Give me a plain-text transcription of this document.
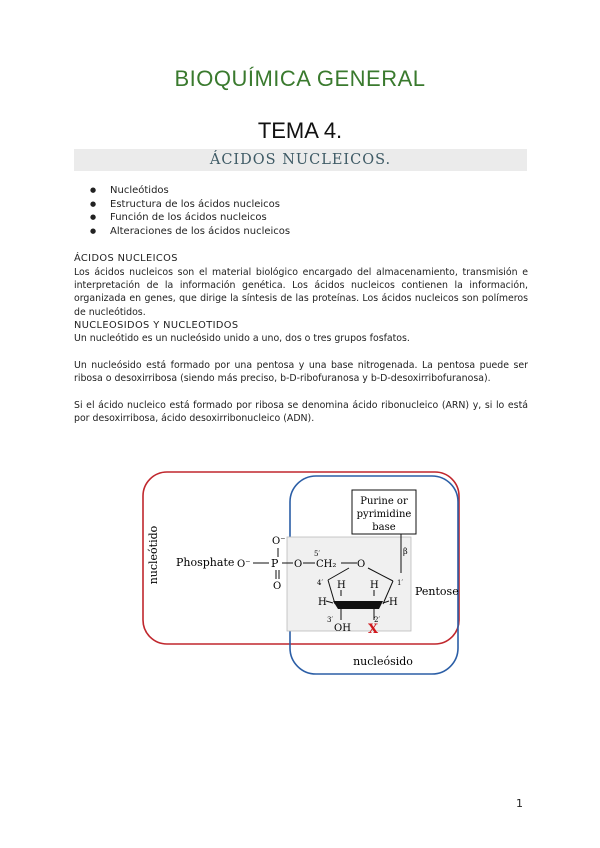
BIOQUÍMICA GENERAL
TEMA 4.
ÁCIDOS NUCLEICOS.
● Nucleótidos
● Estructura de los ácidos nucleicos
● Función de los ácidos nucleicos
● Alteraciones de los ácidos nucleicos
ÁCIDOS NUCLEICOS

Los ácidos nucleicos son el material biológico encargado del almacenamiento, transmisión e interpretación de la información genética. Los ácidos nucleicos contienen la información, organizada en genes, que dirige la síntesis de las proteínas. Los ácidos nucleicos son polímeros de nucleótidos.

NUCLEOSIDOS Y NUCLEOTIDOS

Un nucleótido es un nucleósido unido a uno, dos o tres grupos fosfatos.

Un nucleósido está formado por una pentosa y una base nitrogenada. La pentosa puede ser ribosa o desoxirribosa (siendo más preciso, b-D-ribofuranosa y b-D-desoxirribofuranosa).

Si el ácido nucleico está formado por ribosa se denomina ácido ribonucleico (ARN) y, si lo está por desoxirribosa, ácido desoxirribonucleico (ADN).

nucleótido
nucleósido
Phosphate
O⁻
O⁻ P
O
O CH₂
5′
Purine or
pyrimidine
base
β
O
4′	1′
3′	2′
H
H
H
H
OH X
Pentose
1
